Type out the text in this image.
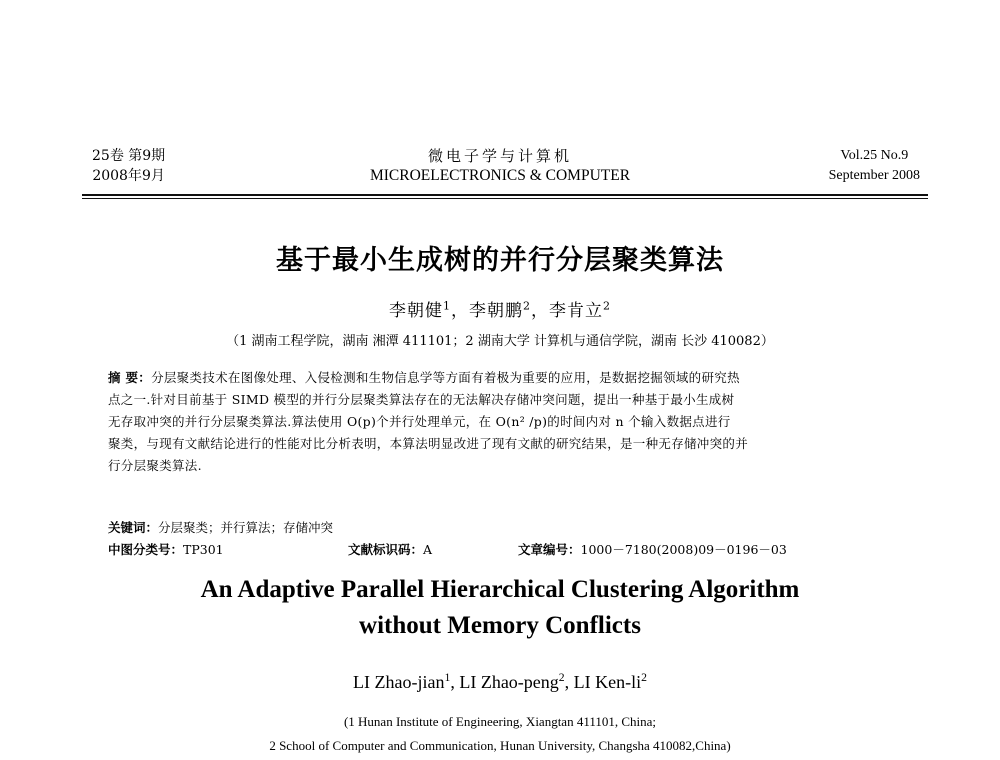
25卷 第9期
2008年9月
微电子学与计算机
MICROELECTRONICS & COMPUTER
Vol.25 No.9
September 2008
基于最小生成树的并行分层聚类算法
李朝健$^1$，李朝鹏$^2$，李肯立$^2$
（1 湖南工程学院，湖南 湘潭 411101；2 湖南大学 计算机与通信学院，湖南 长沙 410082）
摘 要：分层聚类技术在图像处理、入侵检测和生物信息学等方面有着极为重要的应用，是数据挖掘领域的研究热
点之一.针对目前基于 SIMD 模型的并行分层聚类算法存在的无法解决存储冲突问题，提出一种基于最小生成树
无存取冲突的并行分层聚类算法.算法使用 O(p)个并行处理单元，在 O(n² /p)的时间内对 n 个输入数据点进行
聚类，与现有文献结论进行的性能对比分析表明，本算法明显改进了现有文献的研究结果，是一种无存储冲突的并
行分层聚类算法.
关键词：分层聚类；并行算法；存储冲突
中图分类号：TP301	文献标识码：A	文章编号：1000－7180(2008)09－0196－03
An Adaptive Parallel Hierarchical Clustering Algorithm
without Memory Conflicts
LI Zhao-jian$^1$, LI Zhao-peng$^2$, LI Ken-$li^2$
(1 Hunan Institute of Engineering, Xiangtan 411101, China;
2 School of Computer and Communication, Hunan University, Changsha 410082,China)
